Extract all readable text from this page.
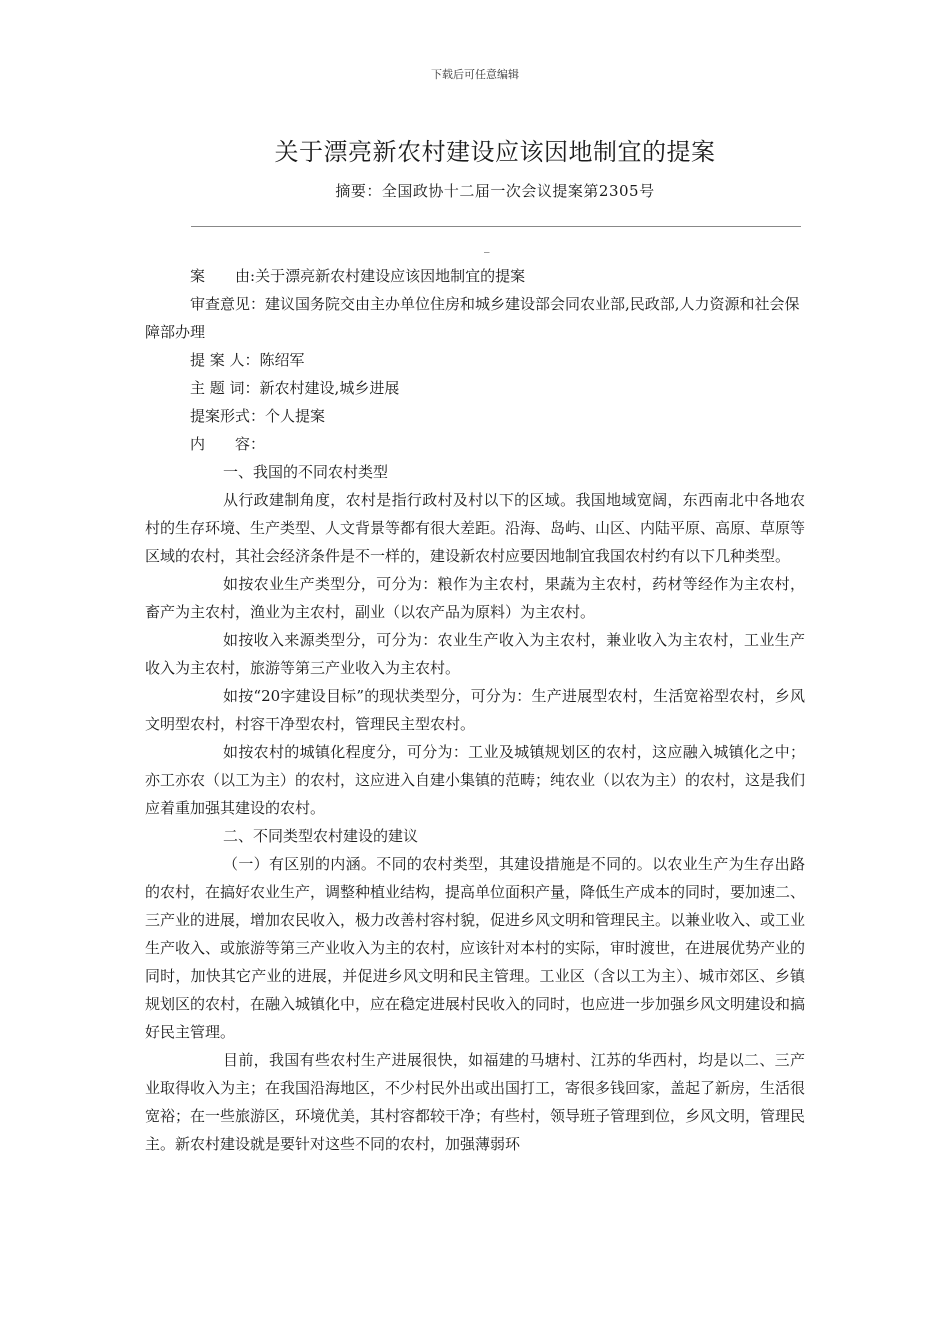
下载后可任意编辑
关于漂亮新农村建设应该因地制宜的提案
摘要：全国政协十二届一次会议提案第2305号
_

案 由:关于漂亮新农村建设应该因地制宜的提案

审查意见：建议国务院交由主办单位住房和城乡建设部会同农业部,民政部,人力资源和社会保障部办理

提 案 人：陈绍军

主 题 词：新农村建设,城乡进展

提案形式：个人提案

内 容：

一、我国的不同农村类型

从行政建制角度，农村是指行政村及村以下的区域。我国地域宽阔，东西南北中各地农村的生存环境、生产类型、人文背景等都有很大差距。沿海、岛屿、山区、内陆平原、高原、草原等区域的农村，其社会经济条件是不一样的，建设新农村应要因地制宜我国农村约有以下几种类型。

如按农业生产类型分，可分为：粮作为主农村，果蔬为主农村，药材等经作为主农村，畜产为主农村，渔业为主农村，副业（以农产品为原料）为主农村。

如按收入来源类型分，可分为：农业生产收入为主农村，兼业收入为主农村，工业生产收入为主农村，旅游等第三产业收入为主农村。

如按“20字建设目标”的现状类型分，可分为：生产进展型农村，生活宽裕型农村，乡风文明型农村，村容干净型农村，管理民主型农村。

如按农村的城镇化程度分，可分为：工业及城镇规划区的农村，这应融入城镇化之中；亦工亦农（以工为主）的农村，这应进入自建小集镇的范畴；纯农业（以农为主）的农村，这是我们应着重加强其建设的农村。

二、不同类型农村建设的建议

（一）有区别的内涵。不同的农村类型，其建设措施是不同的。以农业生产为生存出路的农村，在搞好农业生产，调整种植业结构，提高单位面积产量，降低生产成本的同时，要加速二、三产业的进展，增加农民收入，极力改善村容村貌，促进乡风文明和管理民主。以兼业收入、或工业生产收入、或旅游等第三产业收入为主的农村，应该针对本村的实际，审时渡世，在进展优势产业的同时，加快其它产业的进展，并促进乡风文明和民主管理。工业区（含以工为主）、城市郊区、乡镇规划区的农村，在融入城镇化中，应在稳定进展村民收入的同时，也应进一步加强乡风文明建设和搞好民主管理。

目前，我国有些农村生产进展很快，如福建的马塘村、江苏的华西村，均是以二、三产业取得收入为主；在我国沿海地区，不少村民外出或出国打工，寄很多钱回家，盖起了新房，生活很宽裕；在一些旅游区，环境优美，其村容都较干净；有些村，领导班子管理到位，乡风文明，管理民主。新农村建设就是要针对这些不同的农村，加强薄弱环
